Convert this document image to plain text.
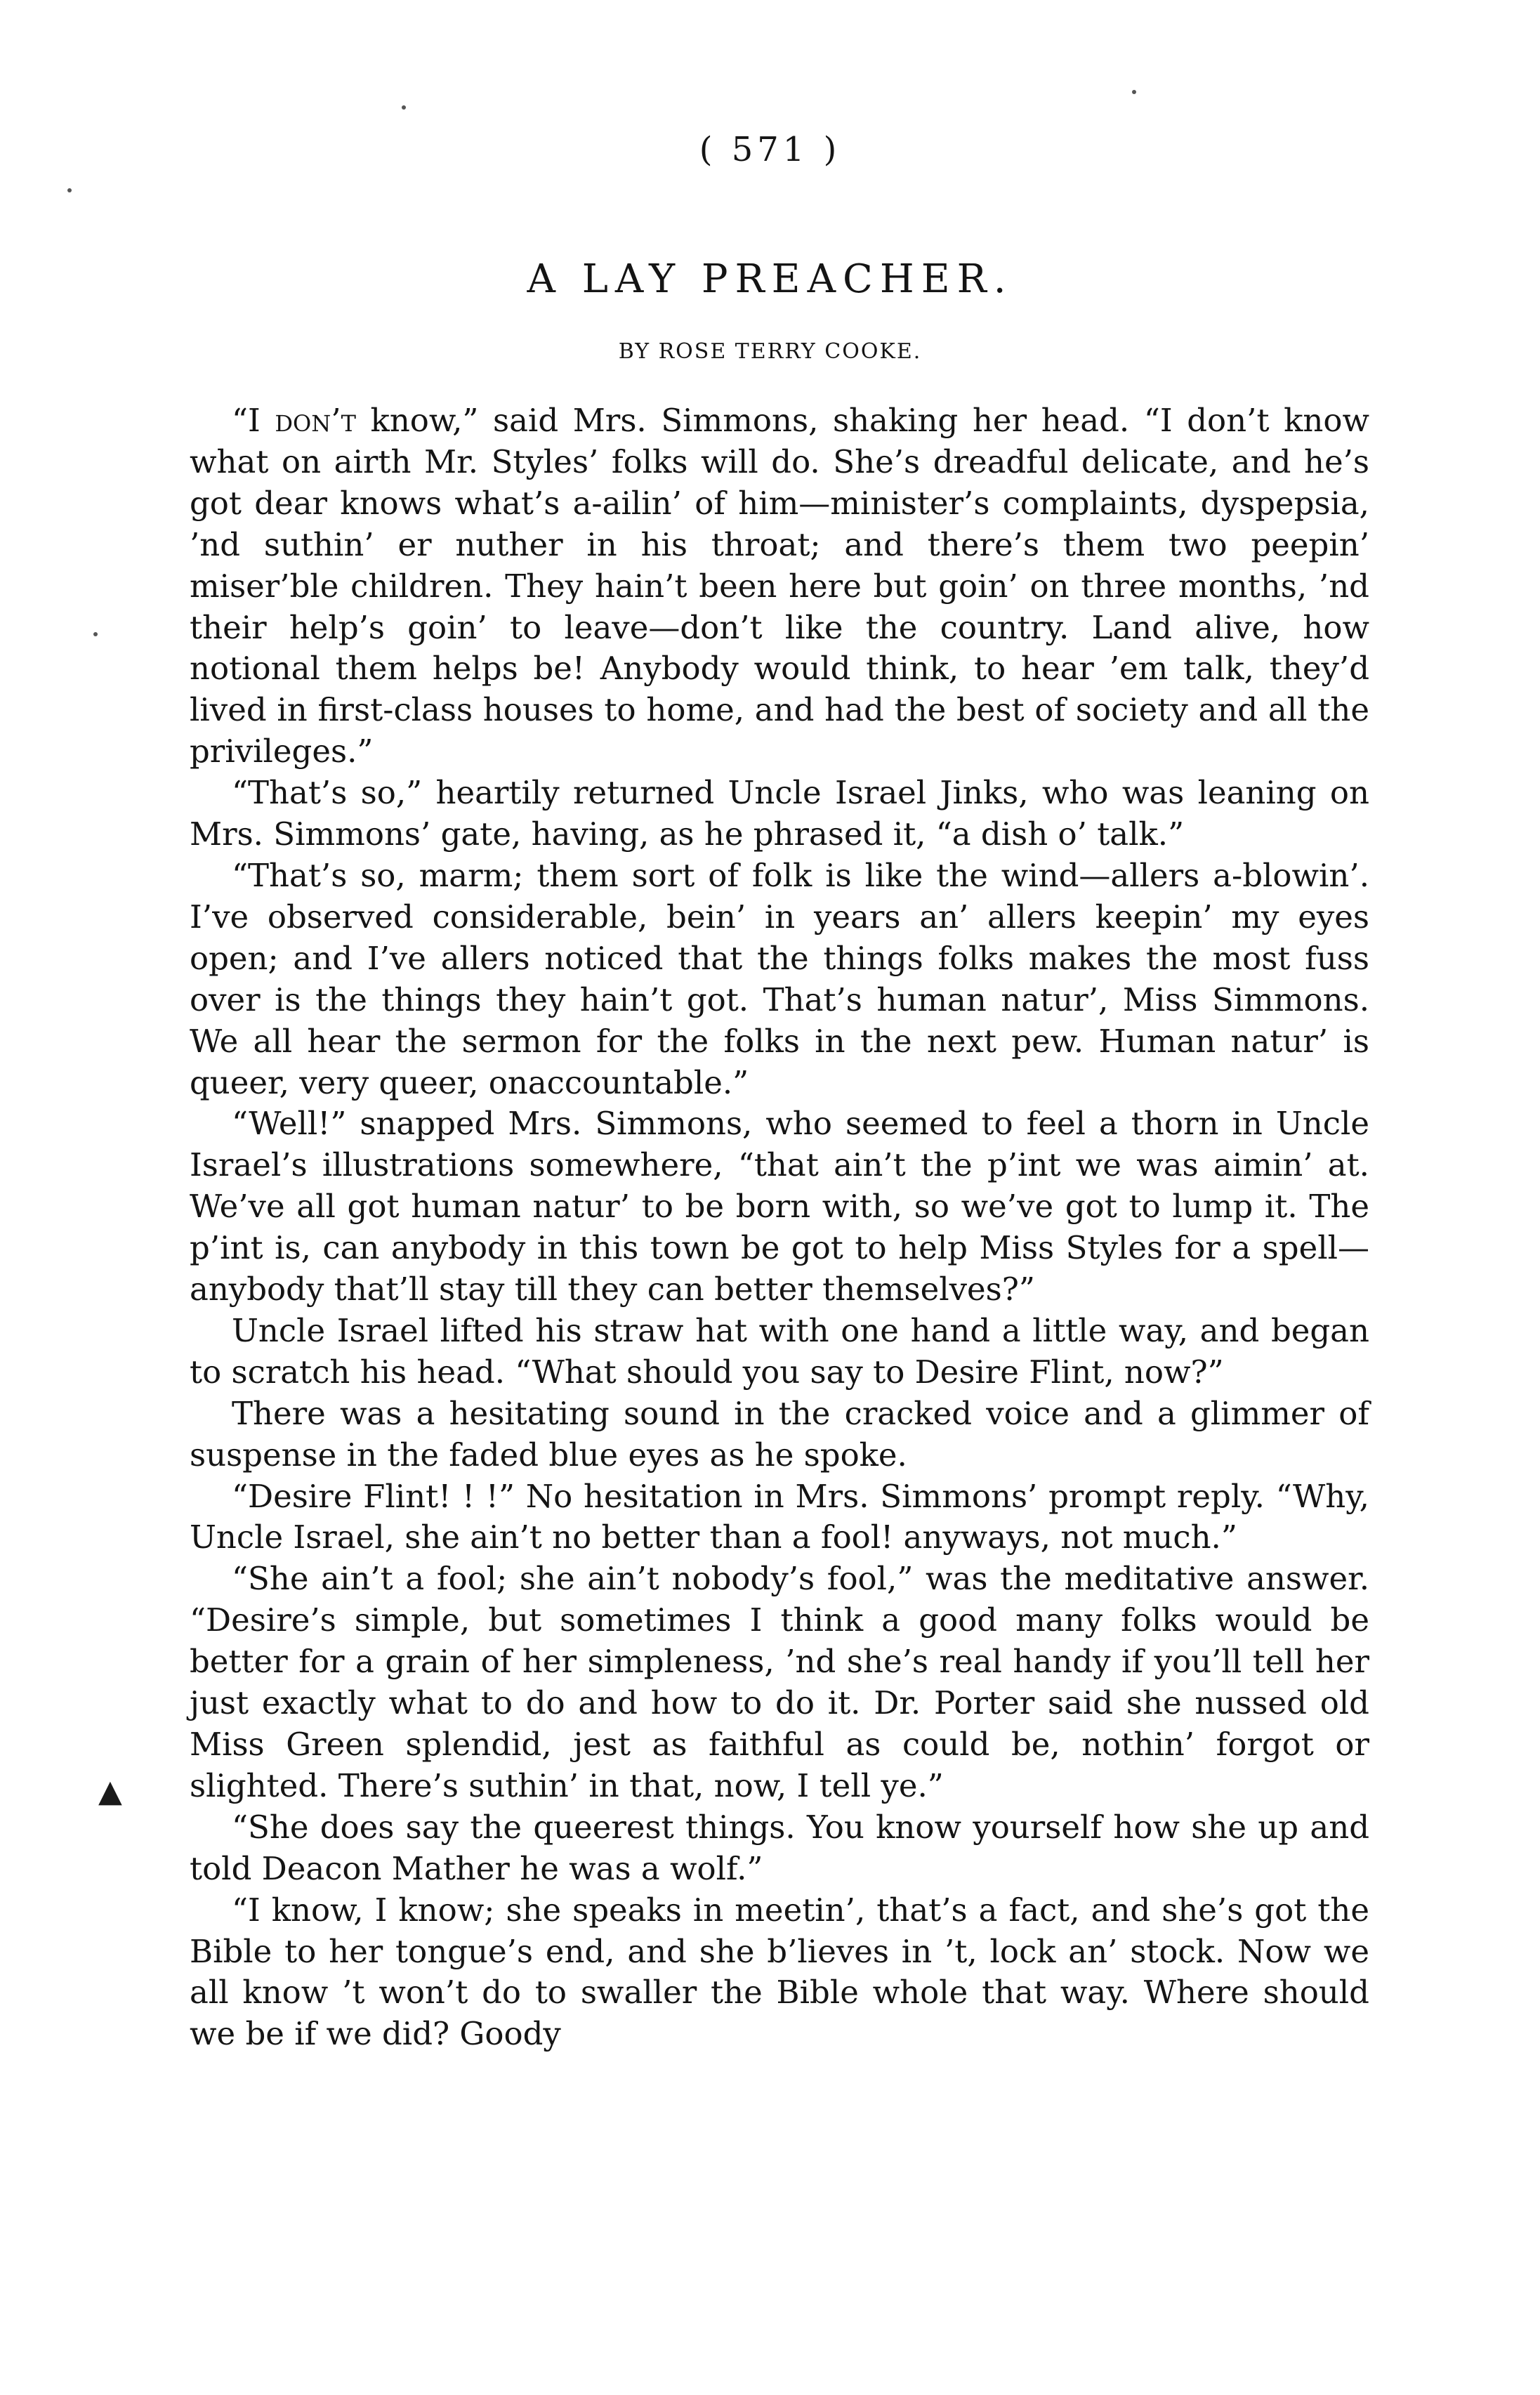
( 571 )
A LAY PREACHER.
BY ROSE TERRY COOKE.

“I don’t know,” said Mrs. Simmons, shaking her head. “I don’t know what on airth Mr. Styles’ folks will do. She’s dreadful delicate, and he’s got dear knows what’s a-ailin’ of him—minister’s complaints, dyspepsia, ’nd suthin’ er nuther in his throat; and there’s them two peepin’ miser’ble children. They hain’t been here but goin’ on three months, ’nd their help’s goin’ to leave—don’t like the country. Land alive, how notional them helps be! Anybody would think, to hear ’em talk, they’d lived in first-class houses to home, and had the best of society and all the privileges.”

“That’s so,” heartily returned Uncle Israel Jinks, who was leaning on Mrs. Simmons’ gate, having, as he phrased it, “a dish o’ talk.”

“That’s so, marm; them sort of folk is like the wind—allers a-blowin’. I’ve observed considerable, bein’ in years an’ allers keepin’ my eyes open; and I’ve allers noticed that the things folks makes the most fuss over is the things they hain’t got. That’s human natur’, Miss Simmons. We all hear the sermon for the folks in the next pew. Human natur’ is queer, very queer, onaccountable.”

“Well!” snapped Mrs. Simmons, who seemed to feel a thorn in Uncle Israel’s illustrations somewhere, “that ain’t the p’int we was aimin’ at. We’ve all got human natur’ to be born with, so we’ve got to lump it. The p’int is, can anybody in this town be got to help Miss Styles for a spell—anybody that’ll stay till they can better themselves?”

Uncle Israel lifted his straw hat with one hand a little way, and began to scratch his head. “What should you say to Desire Flint, now?”

There was a hesitating sound in the cracked voice and a glimmer of suspense in the faded blue eyes as he spoke.

“Desire Flint! ! !” No hesitation in Mrs. Simmons’ prompt reply. “Why, Uncle Israel, she ain’t no better than a fool! anyways, not much.”

“She ain’t a fool; she ain’t nobody’s fool,” was the meditative answer. “Desire’s simple, but sometimes I think a good many folks would be better for a grain of her simpleness, ’nd she’s real handy if you’ll tell her just exactly what to do and how to do it. Dr. Porter said she nussed old Miss Green splendid, jest as faithful as could be, nothin’ forgot or slighted. There’s suthin’ in that, now, I tell ye.”

“She does say the queerest things. You know yourself how she up and told Deacon Mather he was a wolf.”

“I know, I know; she speaks in meetin’, that’s a fact, and she’s got the Bible to her tongue’s end, and she b’lieves in ’t, lock an’ stock. Now we all know ’t won’t do to swaller the Bible whole that way. Where should we be if we did? Goody

▲
